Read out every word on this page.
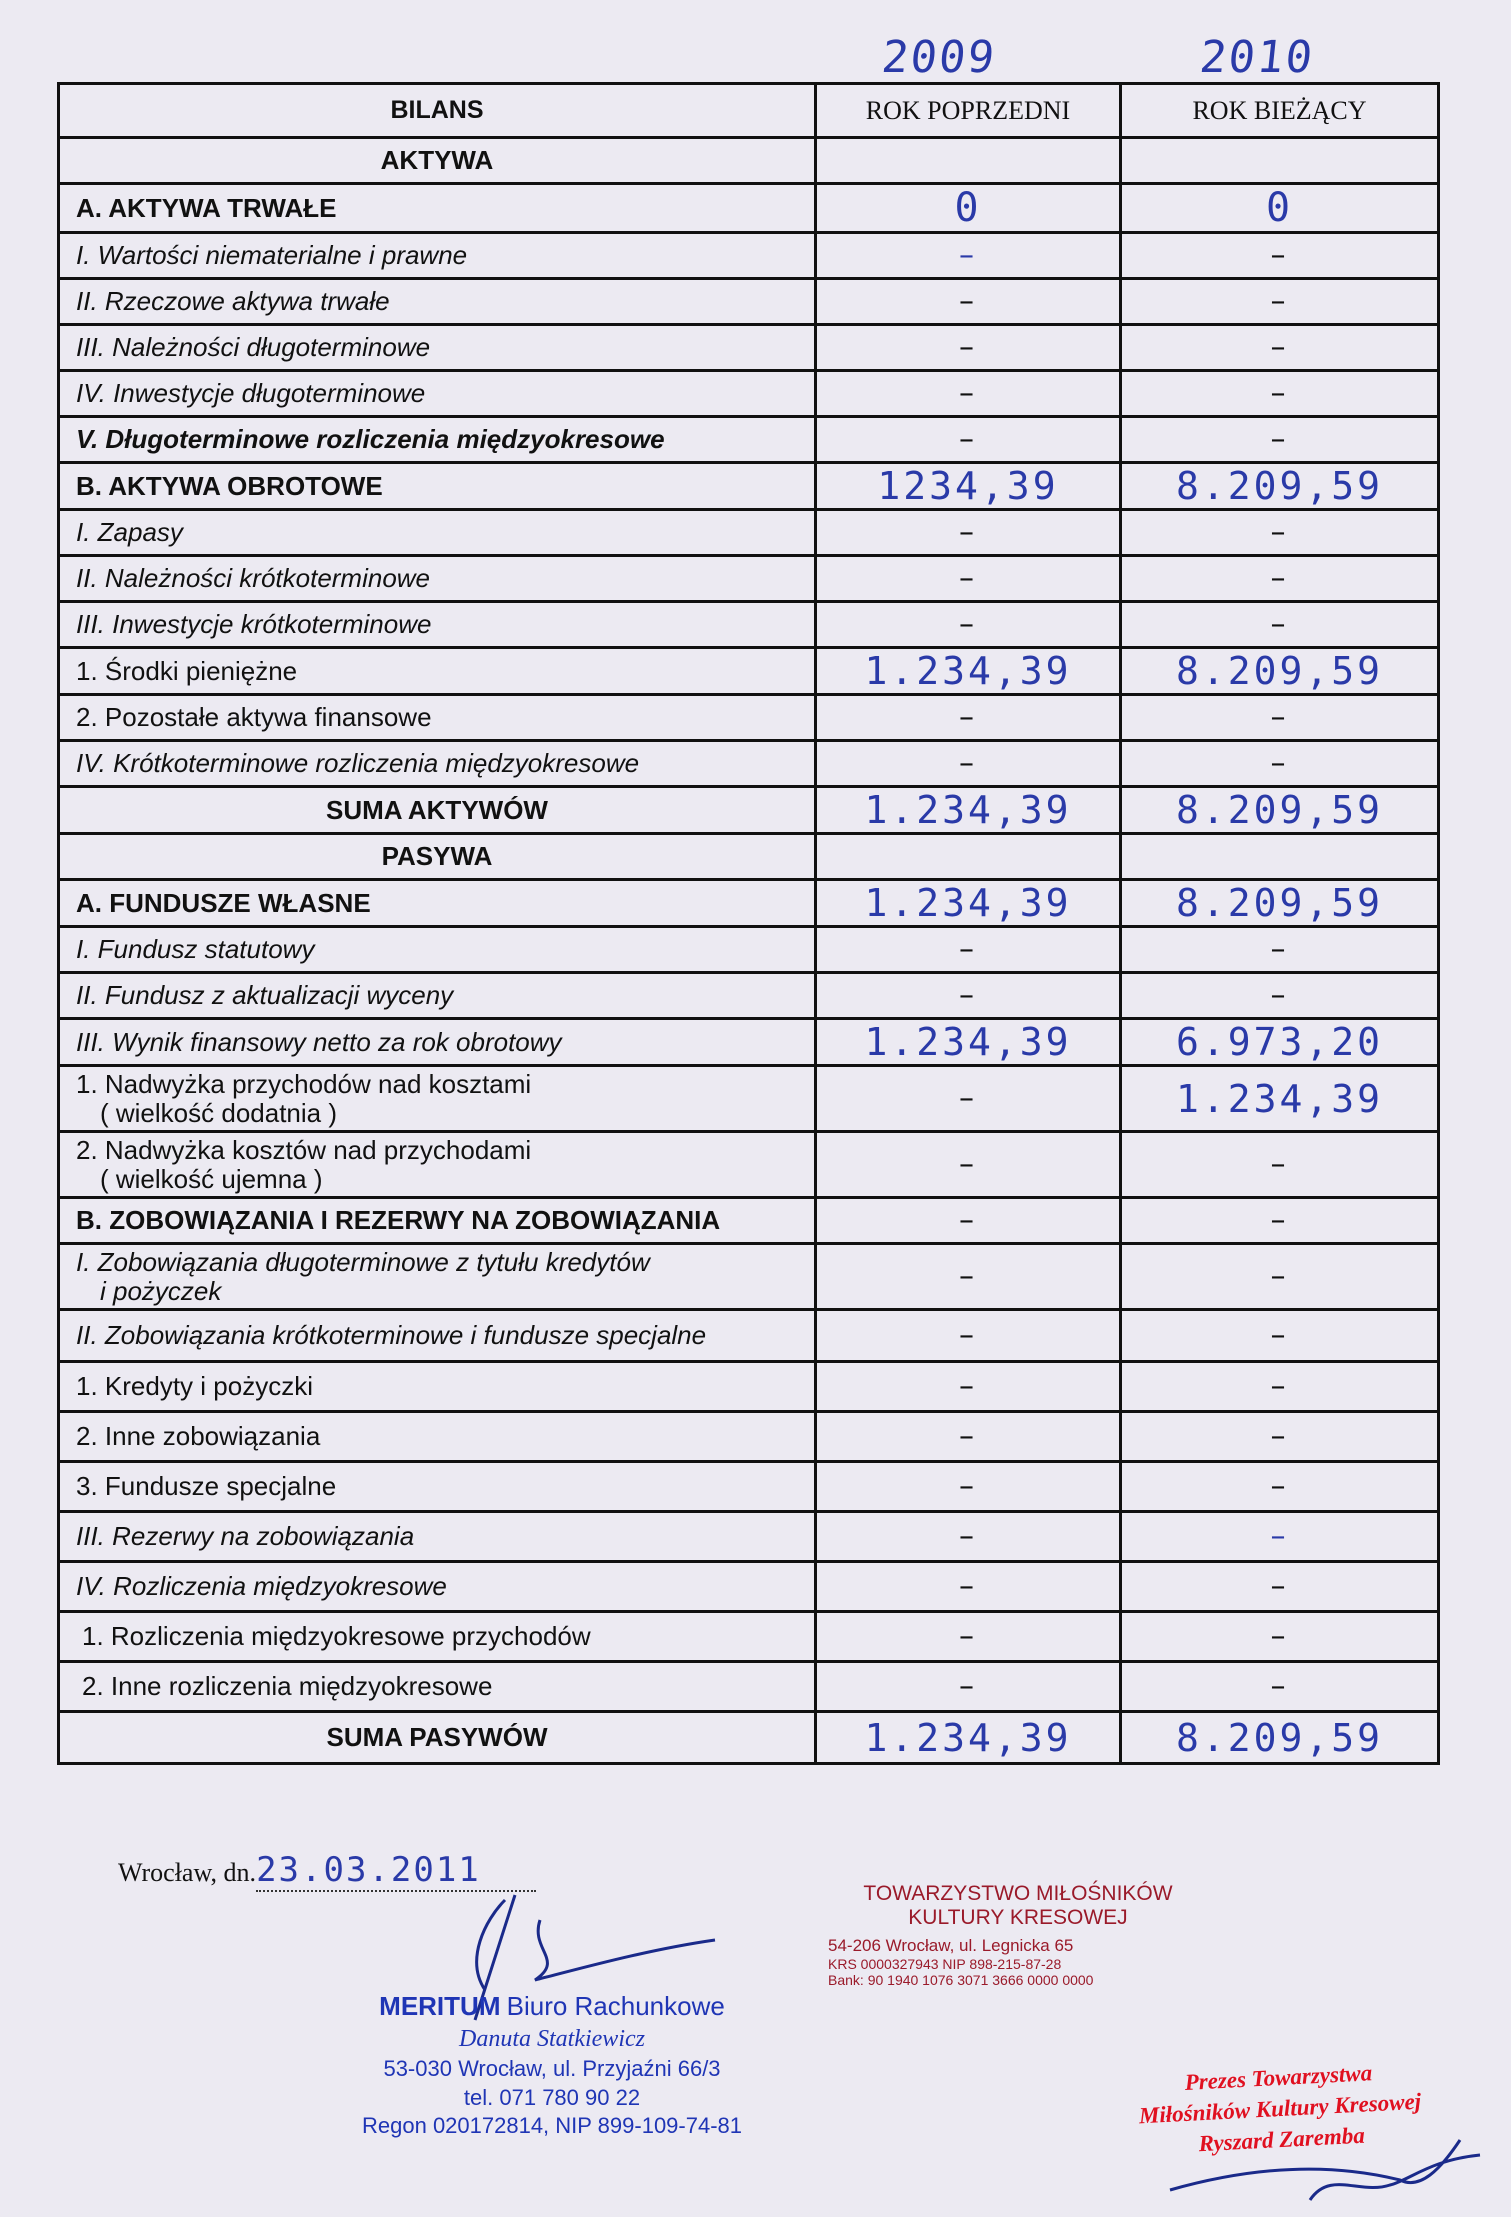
2009	2010
BILANS	ROK POPRZEDNI	ROK BIEŻĄCY
AKTYWA		
A. AKTYWA TRWAŁE	0	0
I. Wartości niematerialne i prawne	–	–
II. Rzeczowe aktywa trwałe	–	–
III. Należności długoterminowe	–	–
IV. Inwestycje długoterminowe	–	–
V. Długoterminowe rozliczenia międzyokresowe	–	–
B. AKTYWA OBROTOWE	1234,39	8.209,59
I. Zapasy	–	–
II. Należności krótkoterminowe	–	–
III. Inwestycje krótkoterminowe	–	–
1. Środki pieniężne	1.234,39	8.209,59
2. Pozostałe aktywa finansowe	–	–
IV. Krótkoterminowe rozliczenia międzyokresowe	–	–
SUMA AKTYWÓW	1.234,39	8.209,59
PASYWA		
A. FUNDUSZE WŁASNE	1.234,39	8.209,59
I. Fundusz statutowy	–	–
II. Fundusz z aktualizacji wyceny	–	–
III. Wynik finansowy netto za rok obrotowy	1.234,39	6.973,20

1. Nadwyżka przychodów nad kosztami
( wielkość dodatnia )	–	1.234,39

2. Nadwyżka kosztów nad przychodami
( wielkość ujemna )	–	–
B. ZOBOWIĄZANIA I REZERWY NA ZOBOWIĄZANIA	–	–

I. Zobowiązania długoterminowe z tytułu kredytów
i pożyczek	–	–
II. Zobowiązania krótkoterminowe i fundusze specjalne	–	–
1. Kredyty i pożyczki	–	–
2. Inne zobowiązania	–	–
3. Fundusze specjalne	–	–
III. Rezerwy na zobowiązania	–	–
IV. Rozliczenia międzyokresowe	–	–
1. Rozliczenia międzyokresowe przychodów	–	–
2. Inne rozliczenia międzyokresowe	–	–
SUMA PASYWÓW	1.234,39	8.209,59
Wrocław, dn.23.03.2011
TOWARZYSTWO MIŁOŚNIKÓW
KULTURY KRESOWEJ
54-206 Wrocław, ul. Legnicka 65
KRS 0000327943 NIP 898-215-87-28
Bank: 90 1940 1076 3071 3666 0000 0000
MERITUM Biuro Rachunkowe
Danuta Statkiewicz
53-030 Wrocław, ul. Przyjaźni 66/3
tel. 071 780 90 22
Regon 020172814, NIP 899-109-74-81
Prezes Towarzystwa
Miłośników Kultury Kresowej
Ryszard Zaremba
